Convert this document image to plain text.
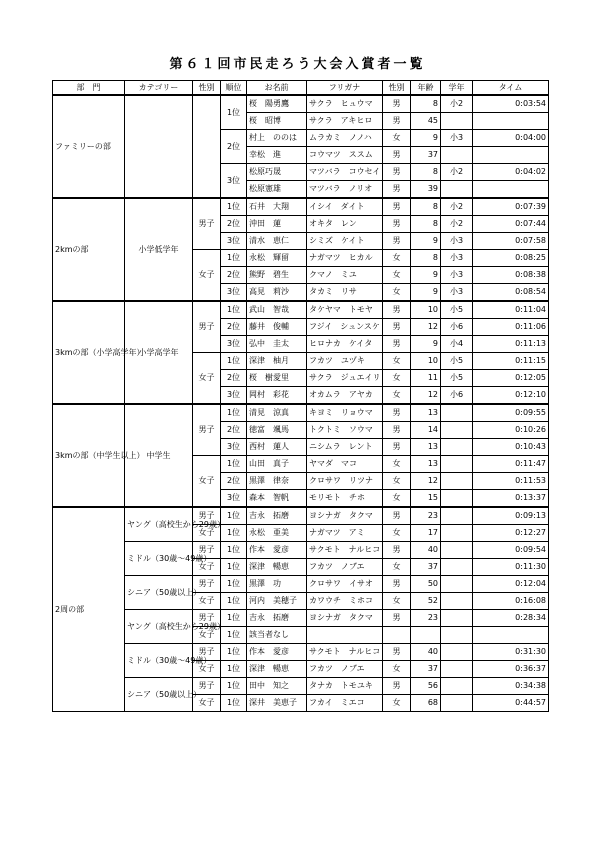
第６１回市民走ろう大会入賞者一覧
部　門	カテゴリー	性別	順位	お名前	フリガナ	性別	年齢	学年	タイム
ファミリーの部			1位	桜　陽勇鷹	サクラ　ヒュウマ	男	8	小2	0:03:54
				桜　昭博	サクラ　アキヒロ	男	45		
			2位	村上　ののは	ムラカミ　ノノハ	女	9	小3	0:04:00
				幸松　進	コウマツ　ススム	男	37		
			3位	松原巧晟	マツバラ　コウセイ	男	8	小2	0:04:02
				松原憲雄	マツバラ　ノリオ	男	39		
2kmの部	小学低学年	男子	1位	石井　大翔	イシイ　ダイト	男	8	小2	0:07:39
			2位	沖田　蓮	オキタ　レン	男	8	小2	0:07:44
			3位	清水　恵仁	シミズ　ケイト	男	9	小3	0:07:58
		女子	1位	永松　輝留	ナガマツ　ヒカル	女	8	小3	0:08:25
			2位	熊野　碧生	クマノ　ミユ	女	9	小3	0:08:38
			3位	高見　莉沙	タカミ　リサ	女	9	小3	0:08:54
3kmの部（小学高学年）	小学高学年	男子	1位	武山　智哉	タケヤマ　トモヤ	男	10	小5	0:11:04
			2位	藤井　俊輔	フジイ　シュンスケ	男	12	小6	0:11:06
			3位	弘中　圭太	ヒロナカ　ケイタ	男	9	小4	0:11:13
		女子	1位	深津　柚月	フカツ　ユヅキ	女	10	小5	0:11:15
			2位	桜　樹愛里	サクラ　ジュエイリ	女	11	小5	0:12:05
			3位	岡村　彩花	オカムラ　アヤカ	女	12	小6	0:12:10
3kmの部（中学生以上）	中学生	男子	1位	清見　涼真	キヨミ　リョウマ	男	13		0:09:55
			2位	徳富　颯馬	トクトミ　ソウマ	男	14		0:10:26
			3位	西村　蓮人	ニシムラ　レント	男	13		0:10:43
		女子	1位	山田　真子	ヤマダ　マコ	女	13		0:11:47
			2位	黒澤　律奈	クロサワ　リツナ	女	12		0:11:53
			3位	森本　智帆	モリモト　チホ	女	15		0:13:37
2周の部	ヤング（高校生から29歳）	男子	1位	吉永　拓磨	ヨシナガ　タクマ	男	23		0:09:13
		女子	1位	永松　亜美	ナガマツ　アミ	女	17		0:12:27
	ミドル（30歳～49歳）	男子	1位	作本　愛彦	サクモト　ナルヒコ	男	40		0:09:54
		女子	1位	深津　暢恵	フカツ　ノブエ	女	37		0:11:30
	シニア（50歳以上）	男子	1位	黒澤　功	クロサワ　イサオ	男	50		0:12:04
		女子	1位	河内　美穂子	カワウチ　ミホコ	女	52		0:16:08
	ヤング（高校生から29歳）	男子	1位	吉永　拓磨	ヨシナガ　タクマ	男	23		0:28:34
		女子	1位	該当者なし					
	ミドル（30歳～49歳）	男子	1位	作本　愛彦	サクモト　ナルヒコ	男	40		0:31:30
		女子	1位	深津　暢恵	フカツ　ノブエ	女	37		0:36:37
	シニア（50歳以上）	男子	1位	田中　知之	タナカ　トモユキ	男	56		0:34:38
		女子	1位	深井　美恵子	フカイ　ミエコ	女	68		0:44:57
